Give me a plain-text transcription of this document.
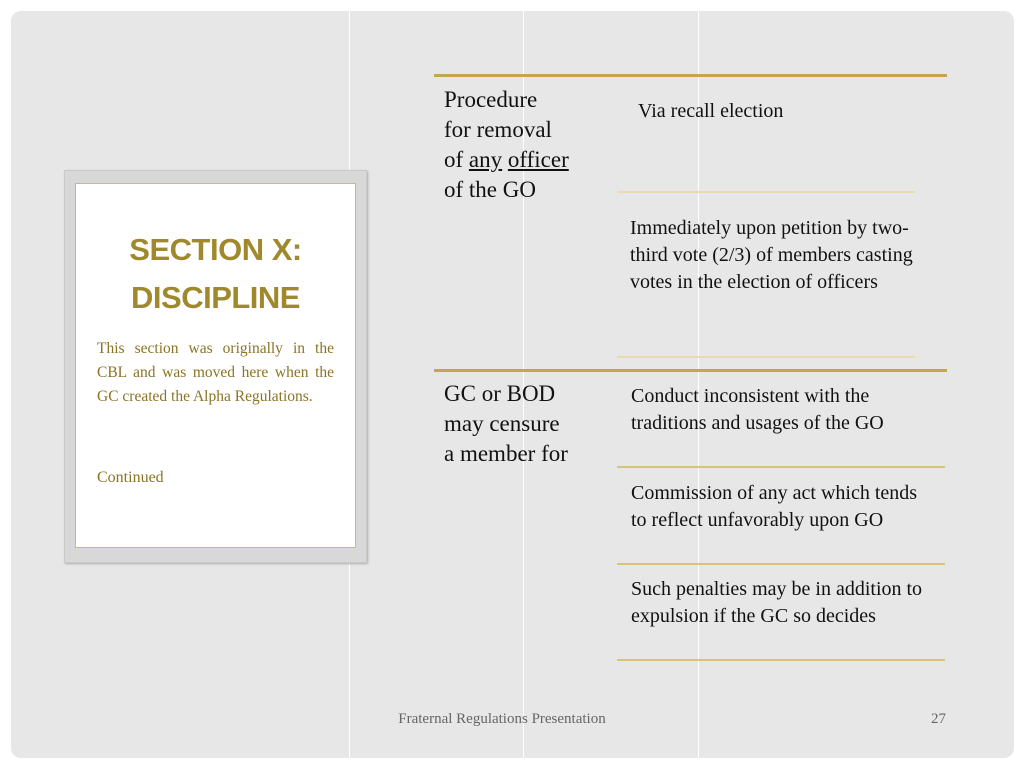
SECTION X:
DISCIPLINE
This section was originally in the CBL and was moved here when the GC created the Alpha Regulations.
Continued
Procedure
for removal
of any officer
of the GO
Via recall election
Immediately upon petition by two-third vote (2/3) of members casting votes in the election of officers
GC or BOD
may censure
a member for
Conduct inconsistent with the traditions and usages of the GO
Commission of any act which tends to reflect unfavorably upon GO
Such penalties may be in addition to expulsion if the GC so decides
Fraternal Regulations Presentation	27
